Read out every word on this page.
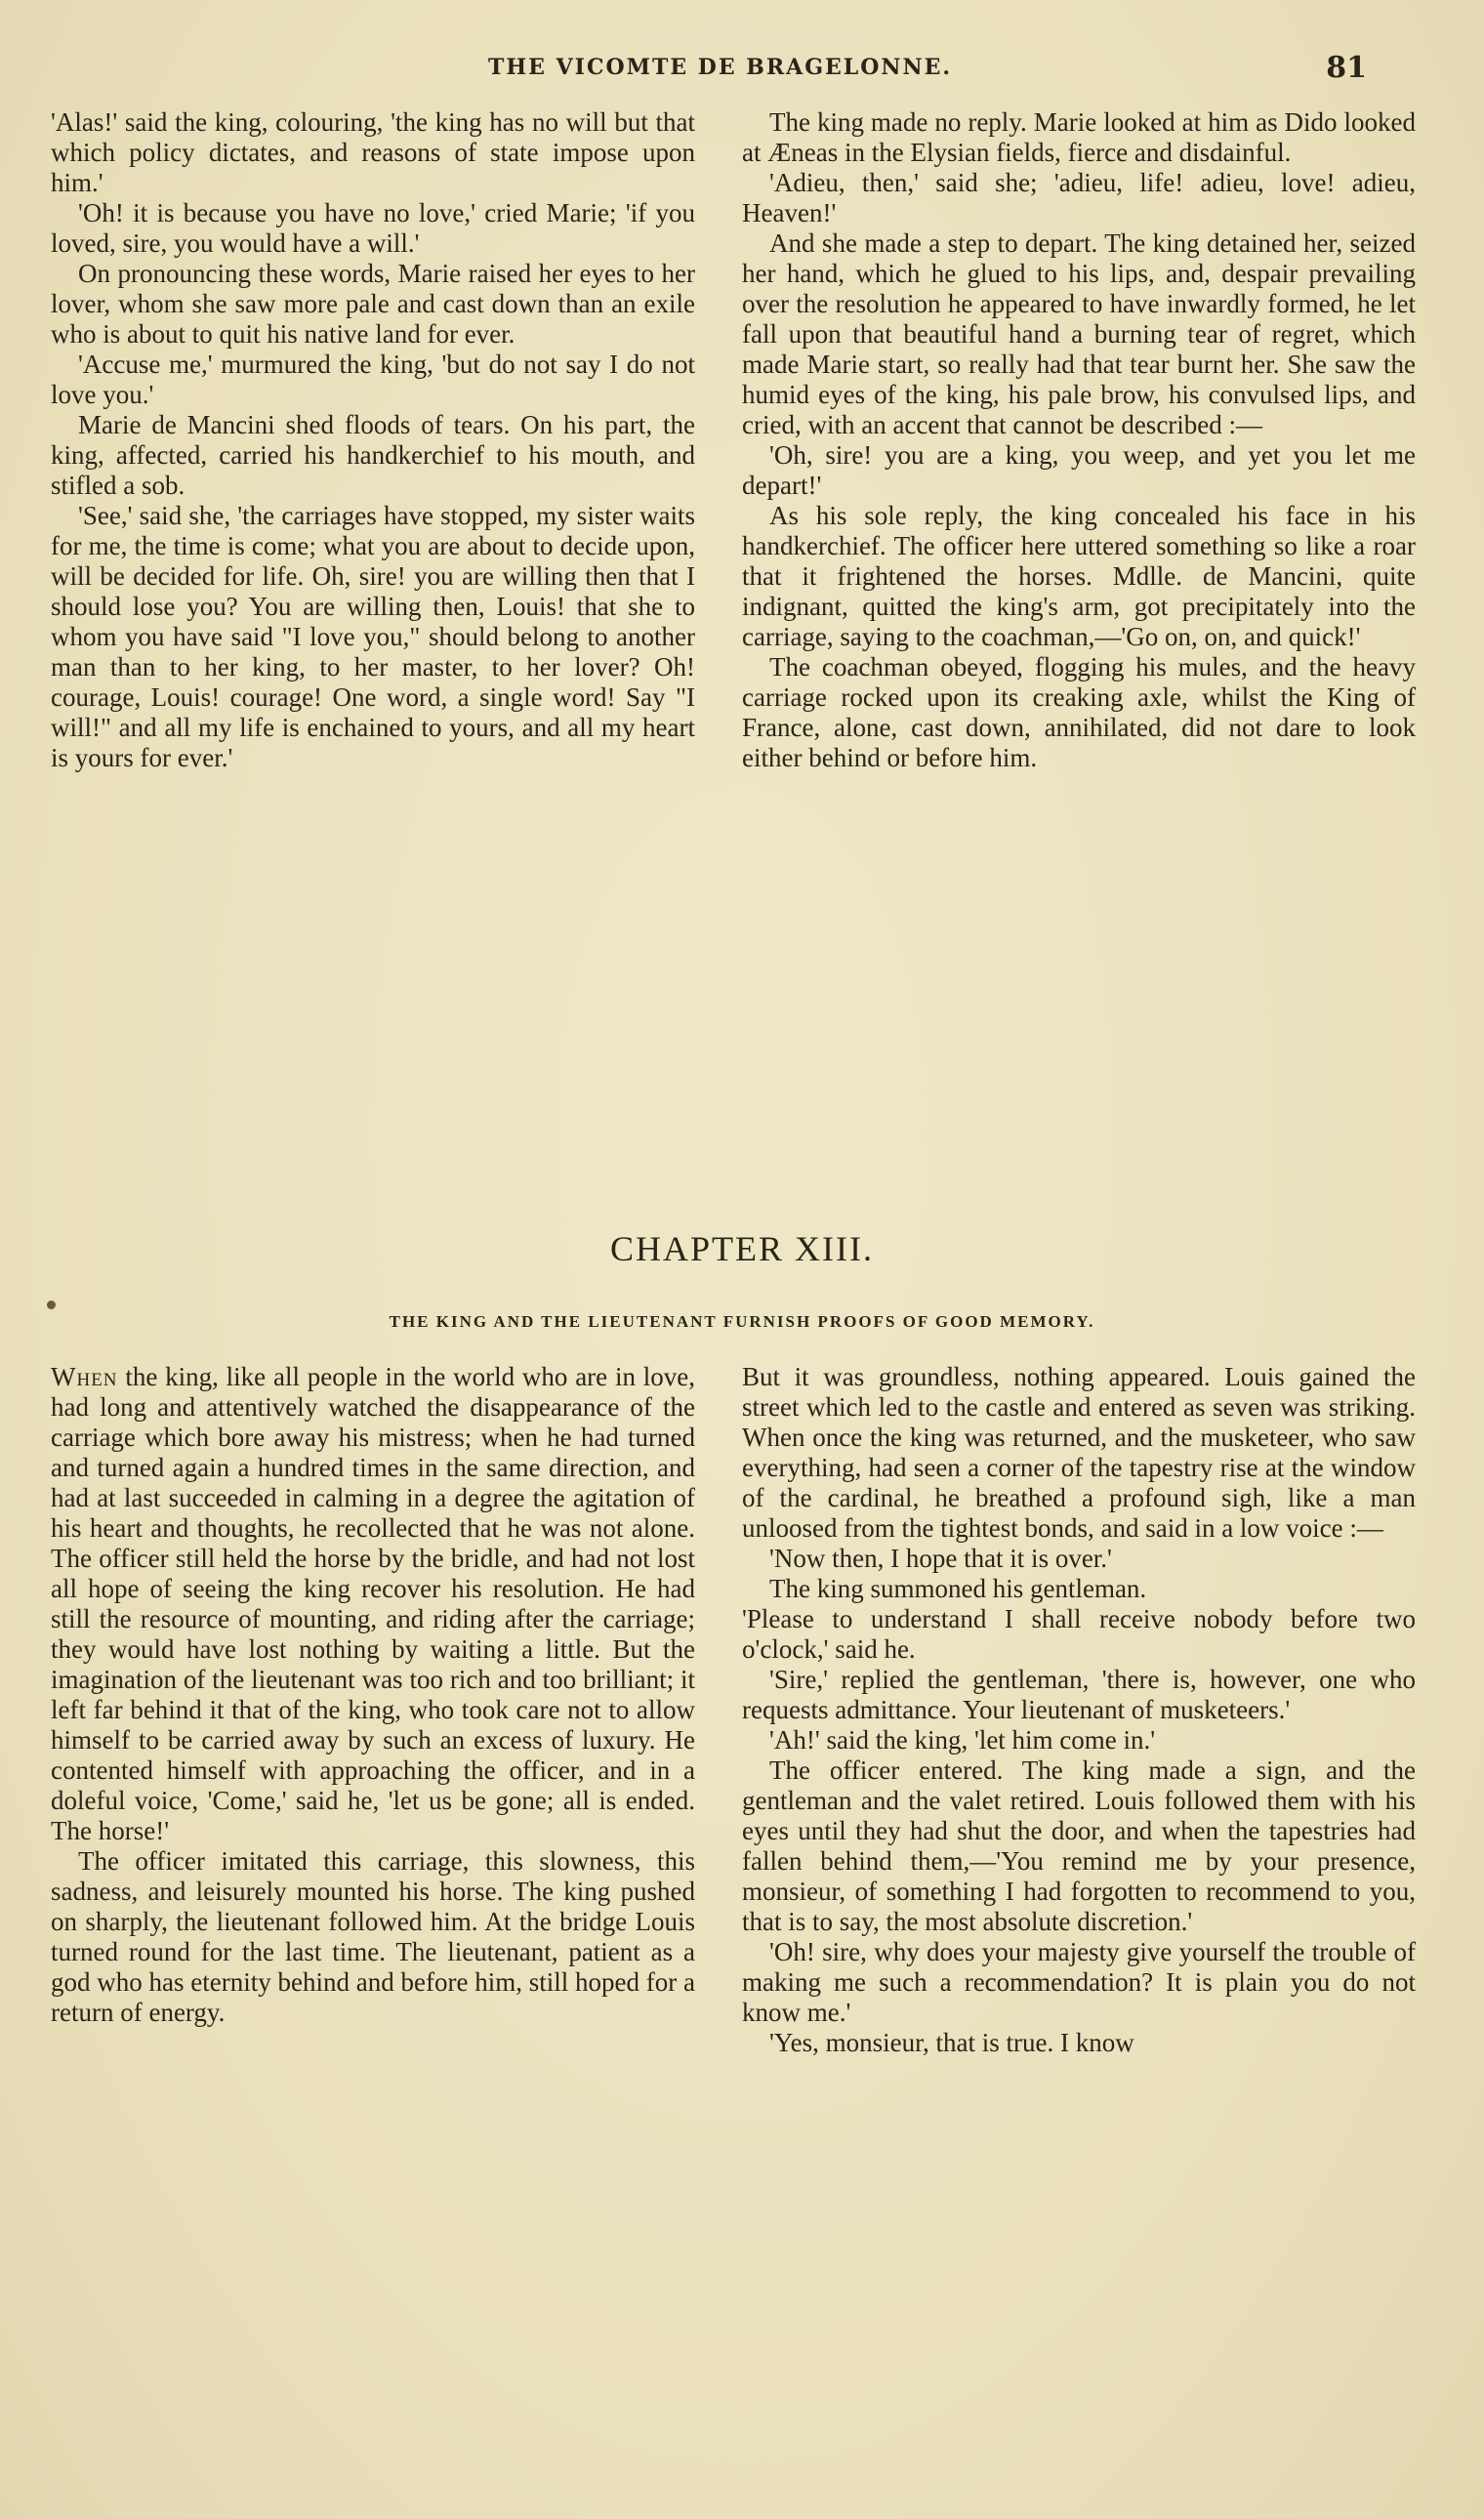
THE VICOMTE DE BRAGELONNE.	81

'Alas!' said the king, colouring, 'the king has no will but that which policy dictates, and reasons of state impose upon him.'

'Oh! it is because you have no love,' cried Marie; 'if you loved, sire, you would have a will.'

On pronouncing these words, Marie raised her eyes to her lover, whom she saw more pale and cast down than an exile who is about to quit his native land for ever.

'Accuse me,' murmured the king, 'but do not say I do not love you.'

Marie de Mancini shed floods of tears. On his part, the king, affected, carried his handkerchief to his mouth, and stifled a sob.

'See,' said she, 'the carriages have stopped, my sister waits for me, the time is come; what you are about to decide upon, will be decided for life. Oh, sire! you are willing then that I should lose you? You are willing then, Louis! that she to whom you have said "I love you," should belong to another man than to her king, to her master, to her lover? Oh! courage, Louis! courage! One word, a single word! Say "I will!" and all my life is enchained to yours, and all my heart is yours for ever.'

The king made no reply. Marie looked at him as Dido looked at Æneas in the Elysian fields, fierce and disdainful.

'Adieu, then,' said she; 'adieu, life! adieu, love! adieu, Heaven!'

And she made a step to depart. The king detained her, seized her hand, which he glued to his lips, and, despair prevailing over the resolution he appeared to have inwardly formed, he let fall upon that beautiful hand a burning tear of regret, which made Marie start, so really had that tear burnt her. She saw the humid eyes of the king, his pale brow, his convulsed lips, and cried, with an accent that cannot be described :—

'Oh, sire! you are a king, you weep, and yet you let me depart!'

As his sole reply, the king concealed his face in his handkerchief. The officer here uttered something so like a roar that it frightened the horses. Mdlle. de Mancini, quite indignant, quitted the king's arm, got precipitately into the carriage, saying to the coachman,—'Go on, on, and quick!'

The coachman obeyed, flogging his mules, and the heavy carriage rocked upon its creaking axle, whilst the King of France, alone, cast down, annihilated, did not dare to look either behind or before him.

CHAPTER XIII.
THE KING AND THE LIEUTENANT FURNISH PROOFS OF GOOD MEMORY.

When the king, like all people in the world who are in love, had long and attentively watched the disappearance of the carriage which bore away his mistress; when he had turned and turned again a hundred times in the same direction, and had at last succeeded in calming in a degree the agitation of his heart and thoughts, he recollected that he was not alone. The officer still held the horse by the bridle, and had not lost all hope of seeing the king recover his resolution. He had still the resource of mounting, and riding after the carriage; they would have lost nothing by waiting a little. But the imagination of the lieutenant was too rich and too brilliant; it left far behind it that of the king, who took care not to allow himself to be carried away by such an excess of luxury. He contented himself with approaching the officer, and in a doleful voice, 'Come,' said he, 'let us be gone; all is ended. The horse!'

The officer imitated this carriage, this slowness, this sadness, and leisurely mounted his horse. The king pushed on sharply, the lieutenant followed him. At the bridge Louis turned round for the last time. The lieutenant, patient as a god who has eternity behind and before him, still hoped for a return of energy.

But it was groundless, nothing appeared. Louis gained the street which led to the castle and entered as seven was striking. When once the king was returned, and the musketeer, who saw everything, had seen a corner of the tapestry rise at the window of the cardinal, he breathed a profound sigh, like a man unloosed from the tightest bonds, and said in a low voice :—

'Now then, I hope that it is over.'

The king summoned his gentleman.

'Please to understand I shall receive nobody before two o'clock,' said he.

'Sire,' replied the gentleman, 'there is, however, one who requests admittance. Your lieutenant of musketeers.'

'Ah!' said the king, 'let him come in.'

The officer entered. The king made a sign, and the gentleman and the valet retired. Louis followed them with his eyes until they had shut the door, and when the tapestries had fallen behind them,—'You remind me by your presence, monsieur, of something I had forgotten to recommend to you, that is to say, the most absolute discretion.'

'Oh! sire, why does your majesty give yourself the trouble of making me such a recommendation? It is plain you do not know me.'

'Yes, monsieur, that is true. I know
